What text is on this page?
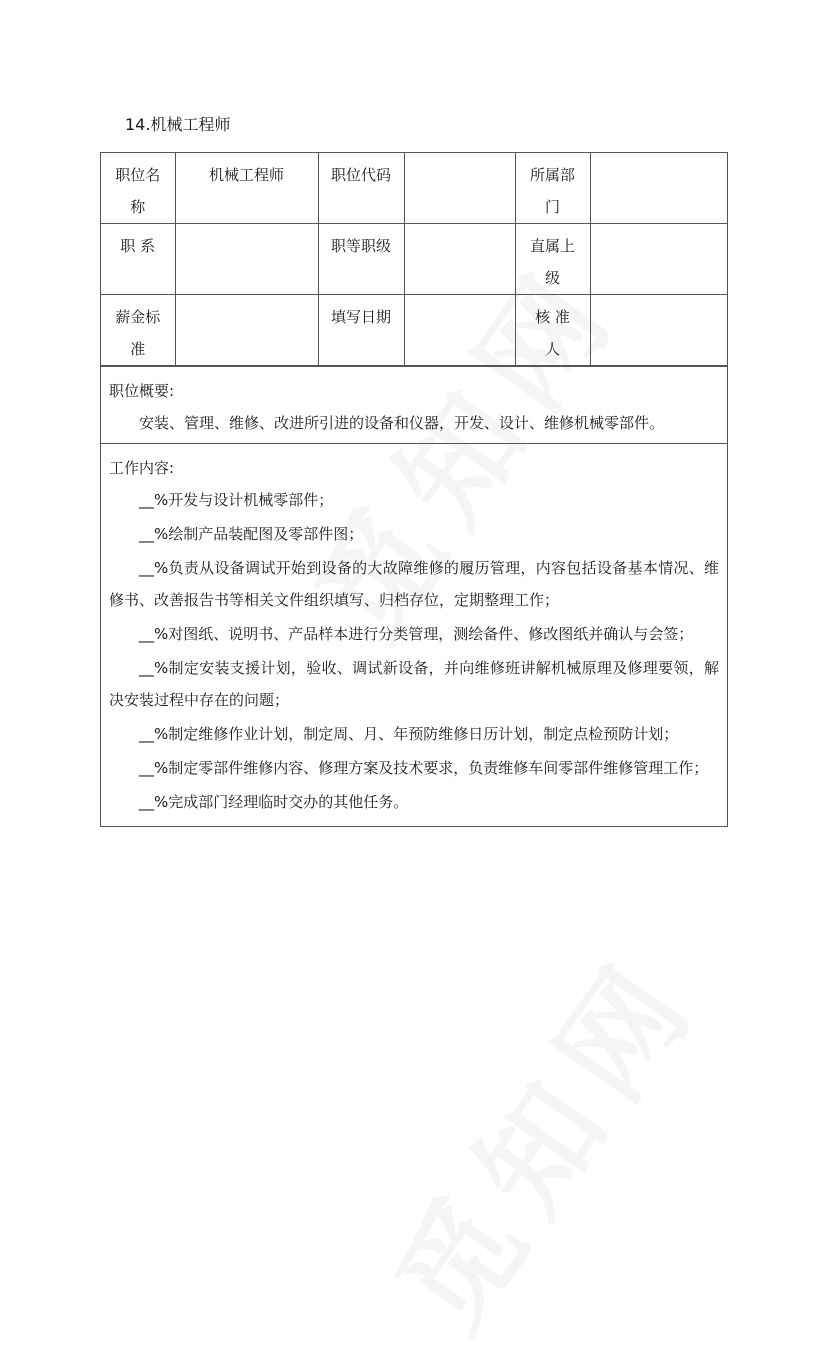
14.机械工程师
职位名称	机械工程师	职位代码		所属部门	
职 系		职等职级		直属上级	
薪金标准		填写日期		核 准 人	
职位概要:

安装、管理、维修、改进所引进的设备和仪器，开发、设计、维修机械零部件。

工作内容:

__%开发与设计机械零部件；

__%绘制产品装配图及零部件图；

__%负责从设备调试开始到设备的大故障维修的履历管理，内容包括设备基本情况、维修书、改善报告书等相关文件组织填写、归档存位，定期整理工作；

__%对图纸、说明书、产品样本进行分类管理，测绘备件、修改图纸并确认与会签；

__%制定安装支援计划，验收、调试新设备，并向维修班讲解机械原理及修理要领，解决安装过程中存在的问题；

__%制定维修作业计划，制定周、月、年预防维修日历计划，制定点检预防计划；

__%制定零部件维修内容、修理方案及技术要求，负责维修车间零部件维修管理工作；

__%完成部门经理临时交办的其他任务。
